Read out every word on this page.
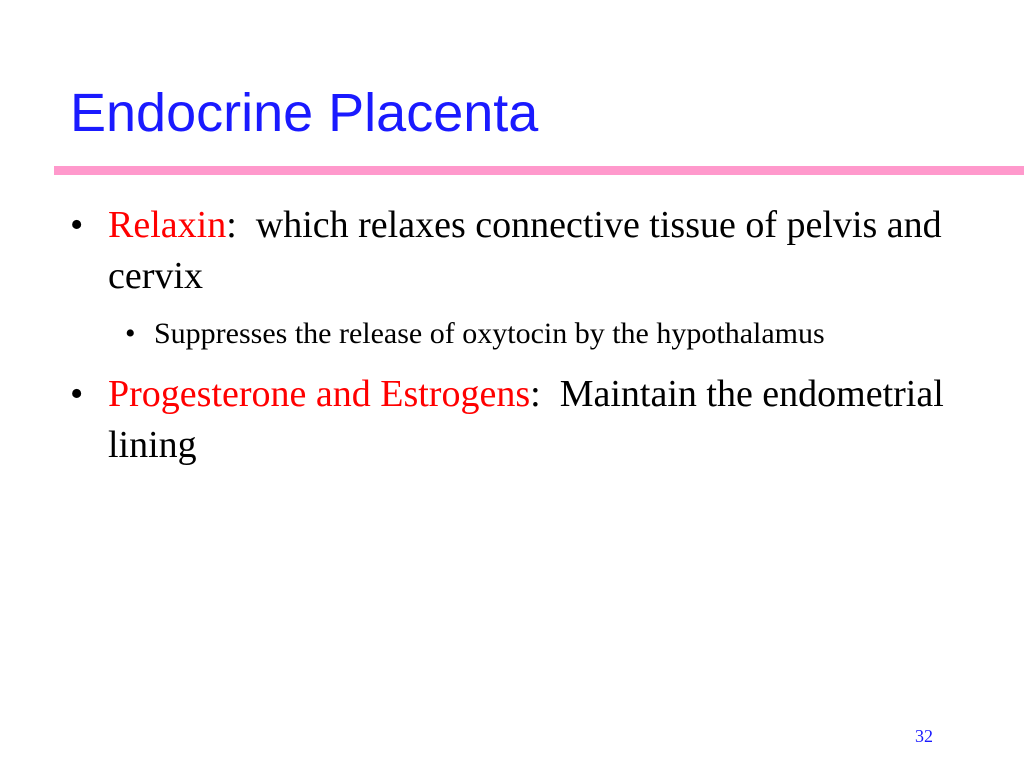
Endocrine Placenta
• Relaxin:  which relaxes connective tissue of pelvis and cervix
• Suppresses the release of oxytocin by the hypothalamus
• Progesterone and Estrogens:  Maintain the endometrial lining
32
